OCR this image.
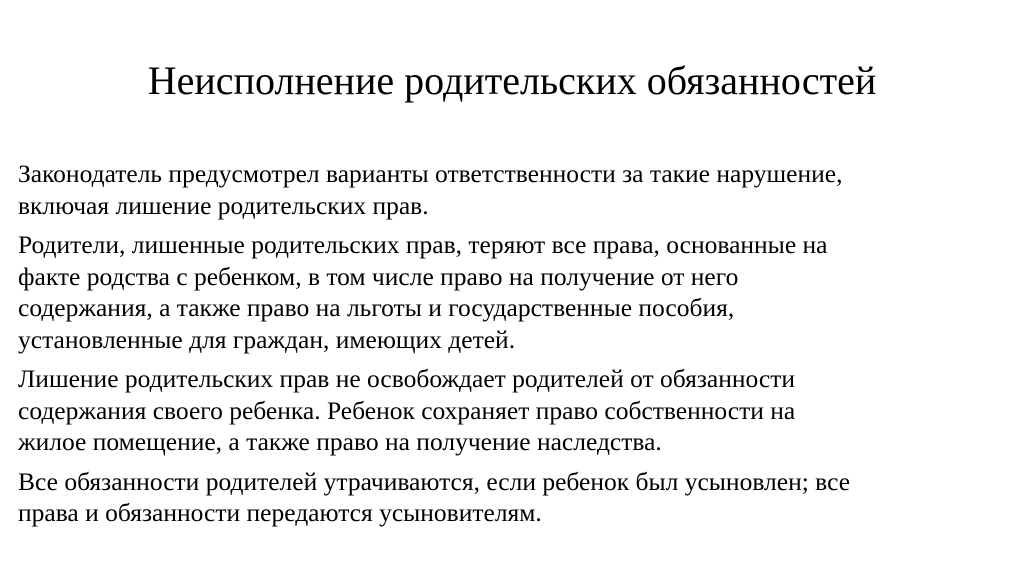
Неисполнение родительских обязанностей
Законодатель предусмотрел варианты ответственности за такие нарушение,
включая лишение родительских прав.
Родители, лишенные родительских прав, теряют все права, основанные на
факте родства с ребенком, в том числе право на получение от него
содержания, а также право на льготы и государственные пособия,
установленные для граждан, имеющих детей.
Лишение родительских прав не освобождает родителей от обязанности
содержания своего ребенка. Ребенок сохраняет право собственности на
жилое помещение, а также право на получение наследства.
Все обязанности родителей утрачиваются, если ребенок был усыновлен; все
права и обязанности передаются усыновителям.
